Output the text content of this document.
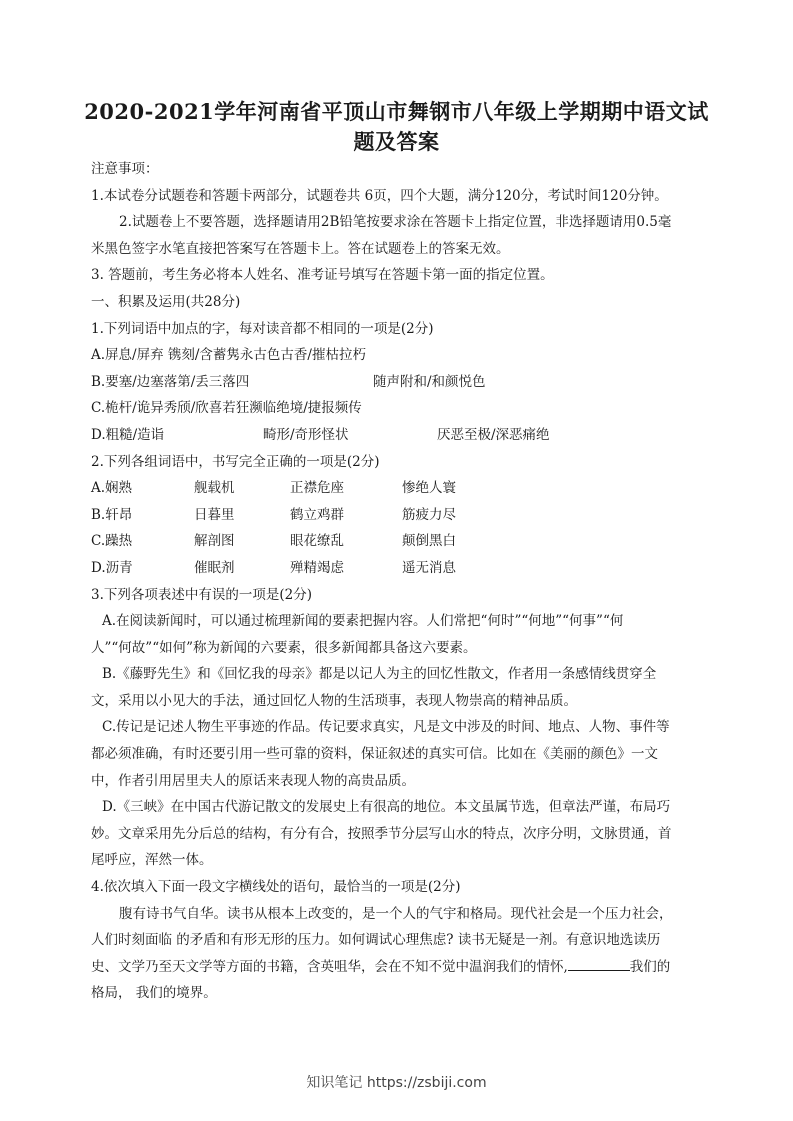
2020-2021学年河南省平顶山市舞钢市八年级上学期期中语文试
题及答案

注意事项：

1.本试卷分试题卷和答题卡两部分，试题卷共 6页，四个大题，满分120分，考试时间120分钟。

2.试题卷上不要答题，选择题请用2B铅笔按要求涂在答题卡上指定位置，非选择题请用0.5毫

米黑色签字水笔直接把答案写在答题卡上。答在试题卷上的答案无效。

3. 答题前，考生务必将本人姓名、准考证号填写在答题卡第一面的指定位置。

一、积累及运用(共28分)

1.下列词语中加点的字，每对读音都不相同的一项是(2分)

A.屏息/屏弃 镌刻/含蓄隽永古色古香/摧枯拉朽

B.要塞/边塞落第/丢三落四	随声附和/和颜悦色

C.桅杆/诡异秀颀/欣喜若狂濒临绝境/捷报频传

D.粗糙/造诣	畸形/奇形怪状	厌恶至极/深恶痛绝

2.下列各组词语中，书写完全正确的一项是(2分)

A.娴熟	舰载机	正襟危座	惨绝人寰
B.轩昂	日暮里	鹤立鸡群	筋疲力尽
C.躁热	解剖图	眼花缭乱	颠倒黑白
D.沥青	催眠剂	殚精竭虑	遥无消息

3.下列各项表述中有误的一项是(2分)

A.在阅读新闻时，可以通过梳理新闻的要素把握内容。人们常把“何时”“何地”“何事”“何

人”“何故”“如何”称为新闻的六要素，很多新闻都具备这六要素。

B.《藤野先生》和《回忆我的母亲》都是以记人为主的回忆性散文，作者用一条感情线贯穿全

文，采用以小见大的手法，通过回忆人物的生活琐事，表现人物崇高的精神品质。

C.传记是记述人物生平事迹的作品。传记要求真实，凡是文中涉及的时间、地点、人物、事件等

都必须准确，有时还要引用一些可靠的资料，保证叙述的真实可信。比如在《美丽的颜色》一文

中，作者引用居里夫人的原话来表现人物的高贵品质。

D.《三峡》在中国古代游记散文的发展史上有很高的地位。本文虽属节选，但章法严谨，布局巧

妙。文章采用先分后总的结构，有分有合，按照季节分层写山水的特点，次序分明，文脉贯通，首

尾呼应，浑然一体。

4.依次填入下面一段文字横线处的语句，最恰当的一项是(2分)

腹有诗书气自华。读书从根本上改变的，是一个人的气宇和格局。现代社会是一个压力社会，

人们时刻面临 的矛盾和有形无形的压力。如何调试心理焦虑? 读书无疑是一剂。有意识地选读历

史、文学乃至天文学等方面的书籍，含英咀华，会在不知不觉中温润我们的情怀,	我们的

格局， 我们的境界。

知识笔记 https://zsbiji.com
